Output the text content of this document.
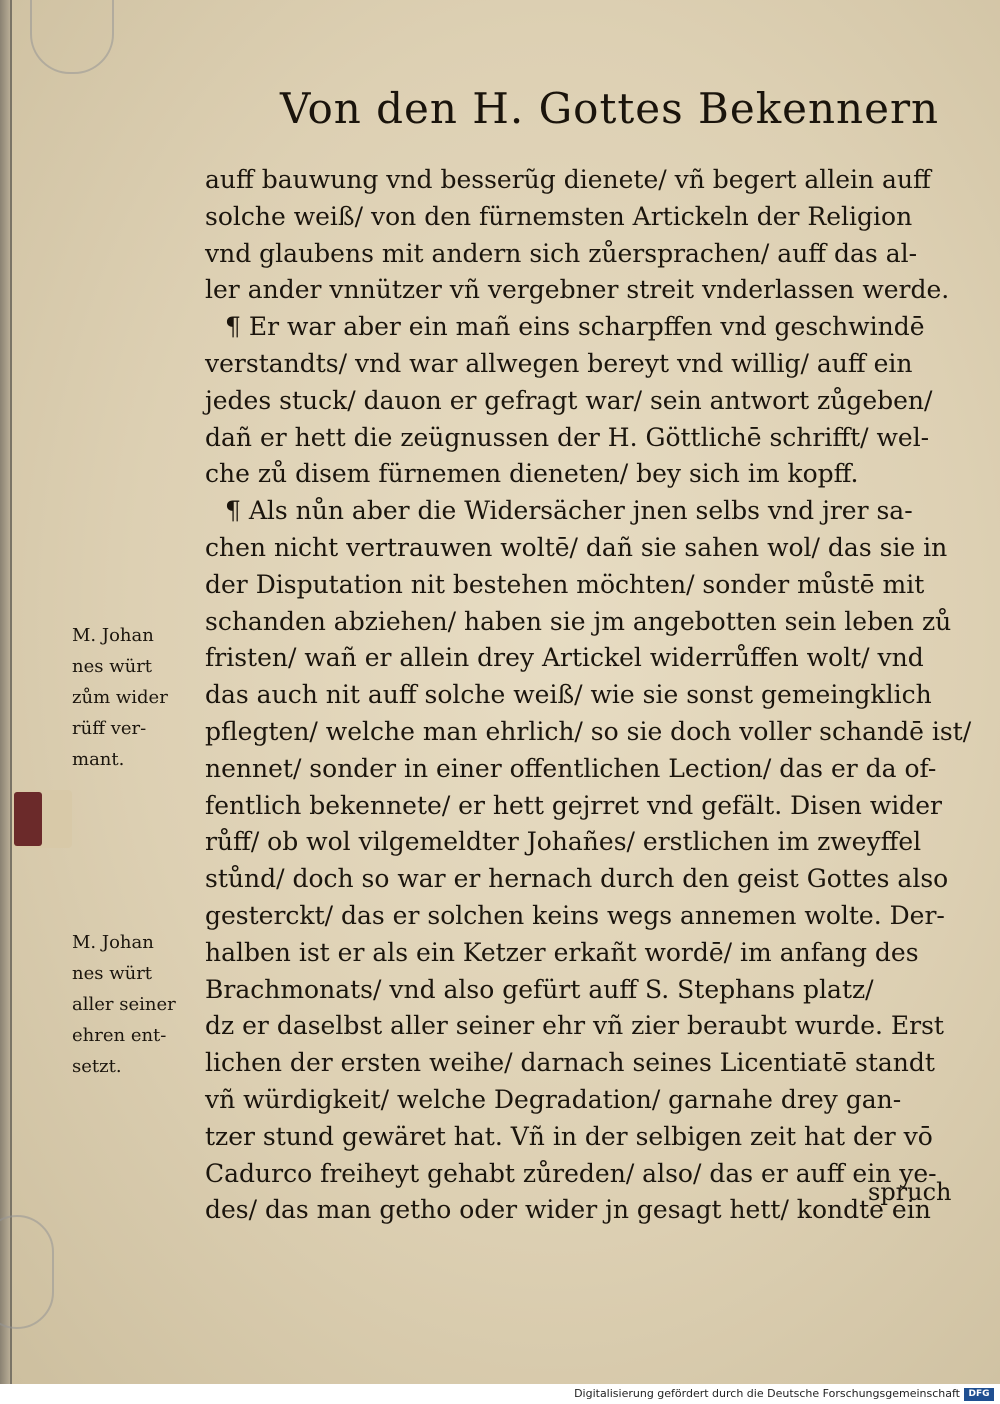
Von den H. Gottes Bekennern
auff bauwung vnd besserũg dienete/ vñ begert allein auff
solche weiß/ von den fürnemsten Artickeln der Religion
vnd glaubens mit andern sich zůersprachen/ auff das al-
ler ander vnnützer vñ vergebner streit vnderlassen werde.
¶ Er war aber ein mañ eins scharpffen vnd geschwindē
verstandts/ vnd war allwegen bereyt vnd willig/ auff ein
jedes stuck/ dauon er gefragt war/ sein antwort zůgeben/
dañ er hett die zeügnussen der H. Göttlichē schrifft/ wel-
che zů disem fürnemen dieneten/ bey sich im kopff.
¶ Als nůn aber die Widersächer jnen selbs vnd jrer sa-
chen nicht vertrauwen woltē/ dañ sie sahen wol/ das sie in
der Disputation nit bestehen möchten/ sonder můstē mit
schanden abziehen/ haben sie jm angebotten sein leben zů
fristen/ wañ er allein drey Artickel widerrůffen wolt/ vnd
das auch nit auff solche weiß/ wie sie sonst gemeingklich
pflegten/ welche man ehrlich/ so sie doch voller schandē ist/
nennet/ sonder in einer offentlichen Lection/ das er da of-
fentlich bekennete/ er hett gejrret vnd gefält. Disen wider
růff/ ob wol vilgemeldter Johañes/ erstlichen im zweyffel
stůnd/ doch so war er hernach durch den geist Gottes also
gesterckt/ das er solchen keins wegs annemen wolte. Der-
halben ist er als ein Ketzer erkañt wordē/ im anfang des
Brachmonats/ vnd also gefürt auff S. Stephans platz/
dz er daselbst aller seiner ehr vñ zier beraubt wurde. Erst
lichen der ersten weihe/ darnach seines Licentiatē standt
vñ würdigkeit/ welche Degradation/ garnahe drey gan-
tzer stund gewäret hat. Vñ in der selbigen zeit hat der vō
Cadurco freiheyt gehabt zůreden/ also/ das er auff ein ye-
des/ das man getho oder wider jn gesagt hett/ kondte ein
spruch
M. Johan
nes würt
zům wider
rüff ver-
mant.
M. Johan
nes würt
aller seiner
ehren ent-
setzt.
Digitalisierung gefördert durch die Deutsche Forschungsgemeinschaft DFG
